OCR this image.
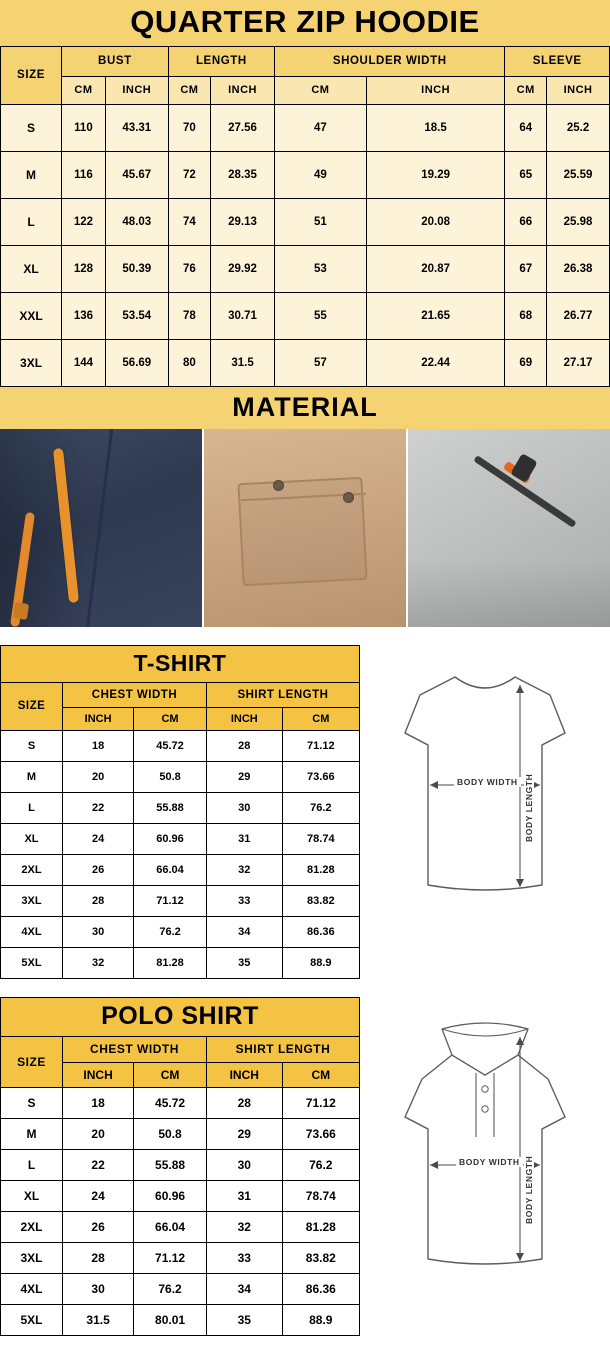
QUARTER ZIP HOODIE
SIZE	BUST		LENGTH		SHOULDER WIDTH		SLEEVE	
	CM	INCH	CM	INCH	CM	INCH	CM	INCH
S	110	43.31	70	27.56	47	18.5	64	25.2
M	116	45.67	72	28.35	49	19.29	65	25.59
L	122	48.03	74	29.13	51	20.08	66	25.98
XL	128	50.39	76	29.92	53	20.87	67	26.38
XXL	136	53.54	78	30.71	55	21.65	68	26.77
3XL	144	56.69	80	31.5	57	22.44	69	27.17
MATERIAL
T-SHIRT
SIZE	CHEST WIDTH		SHIRT LENGTH	
	INCH	CM	INCH	CM
S	18	45.72	28	71.12
M	20	50.8	29	73.66
L	22	55.88	30	76.2
XL	24	60.96	31	78.74
2XL	26	66.04	32	81.28
3XL	28	71.12	33	83.82
4XL	30	76.2	34	86.36
5XL	32	81.28	35	88.9
BODY WIDTH BODY LENGTH
POLO SHIRT
SIZE	CHEST WIDTH		SHIRT LENGTH	
	INCH	CM	INCH	CM
S	18	45.72	28	71.12
M	20	50.8	29	73.66
L	22	55.88	30	76.2
XL	24	60.96	31	78.74
2XL	26	66.04	32	81.28
3XL	28	71.12	33	83.82
4XL	30	76.2	34	86.36
5XL	31.5	80.01	35	88.9
BODY WIDTH BODY LENGTH
